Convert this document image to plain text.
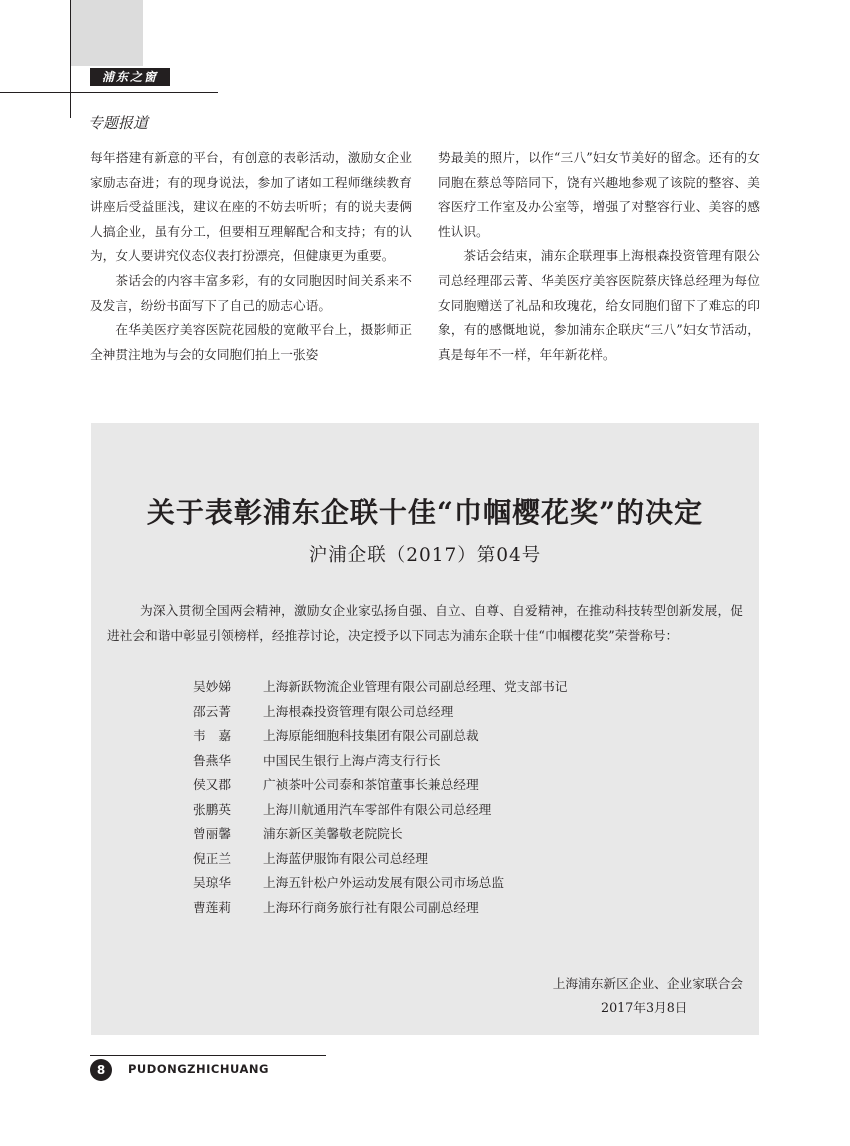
浦东之窗
专题报道

每年搭建有新意的平台，有创意的表彰活动，激励女企业家励志奋进；有的现身说法，参加了诸如工程师继续教育讲座后受益匪浅，建议在座的不妨去听听；有的说夫妻俩人搞企业，虽有分工，但要相互理解配合和支持；有的认为，女人要讲究仪态仪表打扮漂亮，但健康更为重要。

茶话会的内容丰富多彩，有的女同胞因时间关系来不及发言，纷纷书面写下了自己的励志心语。

在华美医疗美容医院花园般的宽敞平台上，摄影师正全神贯注地为与会的女同胞们拍上一张姿

势最美的照片，以作“三八”妇女节美好的留念。还有的女同胞在蔡总等陪同下，饶有兴趣地参观了该院的整容、美容医疗工作室及办公室等，增强了对整容行业、美容的感性认识。

茶话会结束，浦东企联理事上海根森投资管理有限公司总经理邵云菁、华美医疗美容医院蔡庆锋总经理为每位女同胞赠送了礼品和玫瑰花，给女同胞们留下了难忘的印象，有的感慨地说，参加浦东企联庆“三八”妇女节活动，真是每年不一样，年年新花样。

关于表彰浦东企联十佳“巾帼樱花奖”的决定
沪浦企联（2017）第04号

为深入贯彻全国两会精神，激励女企业家弘扬自强、自立、自尊、自爱精神，在推动科技转型创新发展，促进社会和谐中彰显引领榜样，经推荐讨论，决定授予以下同志为浦东企联十佳“巾帼樱花奖”荣誉称号：

吴妙娣	上海新跃物流企业管理有限公司副总经理、党支部书记
邵云菁	上海根森投资管理有限公司总经理
韦　嘉	上海原能细胞科技集团有限公司副总裁
鲁燕华	中国民生银行上海卢湾支行行长
侯又郡	广祯茶叶公司泰和茶馆董事长兼总经理
张鹏英	上海川航通用汽车零部件有限公司总经理
曾丽馨	浦东新区美馨敬老院院长
倪正兰	上海蓝伊服饰有限公司总经理
吴琼华	上海五针松户外运动发展有限公司市场总监
曹莲莉	上海环行商务旅行社有限公司副总经理
上海浦东新区企业、企业家联合会
2017年3月8日
8	PUDONGZHICHUANG
